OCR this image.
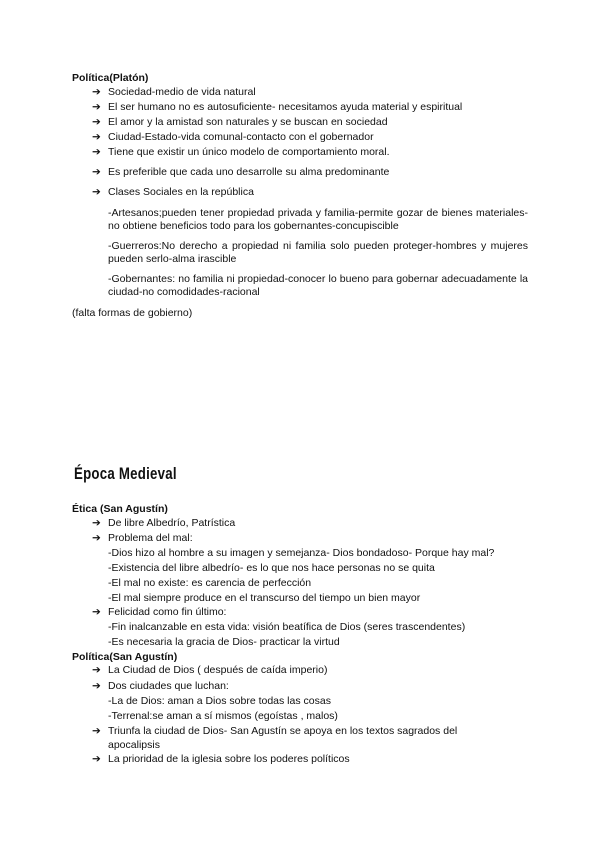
Política(Platón)
➔ Sociedad-medio de vida natural
➔ El ser humano no es autosuficiente- necesitamos ayuda material y espiritual
➔ El amor y la amistad son naturales y se buscan en sociedad
➔ Ciudad-Estado-vida comunal-contacto con el gobernador
➔ Tiene que existir un único modelo de comportamiento moral.
➔ Es preferible que cada uno desarrolle su alma predominante
➔ Clases Sociales en la república
-Artesanos;pueden tener propiedad privada y familia-permite gozar de bienes materiales-no obtiene beneficios todo para los gobernantes-concupiscible
-Guerreros:No derecho a propiedad ni familia solo pueden proteger-hombres y mujeres pueden serlo-alma irascible
-Gobernantes: no familia ni propiedad-conocer lo bueno para gobernar adecuadamente la ciudad-no comodidades-racional
(falta formas de gobierno)
Época Medieval
Ética (San Agustín)
➔ De libre Albedrío, Patrística
➔ Problema del mal:
-Dios hizo al hombre a su imagen y semejanza- Dios bondadoso- Porque hay mal?
-Existencia del libre albedrío- es lo que nos hace personas no se quita
-El mal no existe: es carencia de perfección
-El mal siempre produce en el transcurso del tiempo un bien mayor
➔ Felicidad como fin último:
-Fin inalcanzable en esta vida: visión beatífica de Dios (seres trascendentes)
-Es necesaria la gracia de Dios- practicar la virtud
Política(San Agustín)
➔ La Ciudad de Dios ( después de caída imperio)
➔ Dos ciudades que luchan:
-La de Dios: aman a Dios sobre todas las cosas
-Terrenal:se aman a sí mismos (egoístas , malos)
➔ Triunfa la ciudad de Dios- San Agustín se apoya en los textos sagrados del
apocalipsis
➔ La prioridad de la iglesia sobre los poderes políticos
